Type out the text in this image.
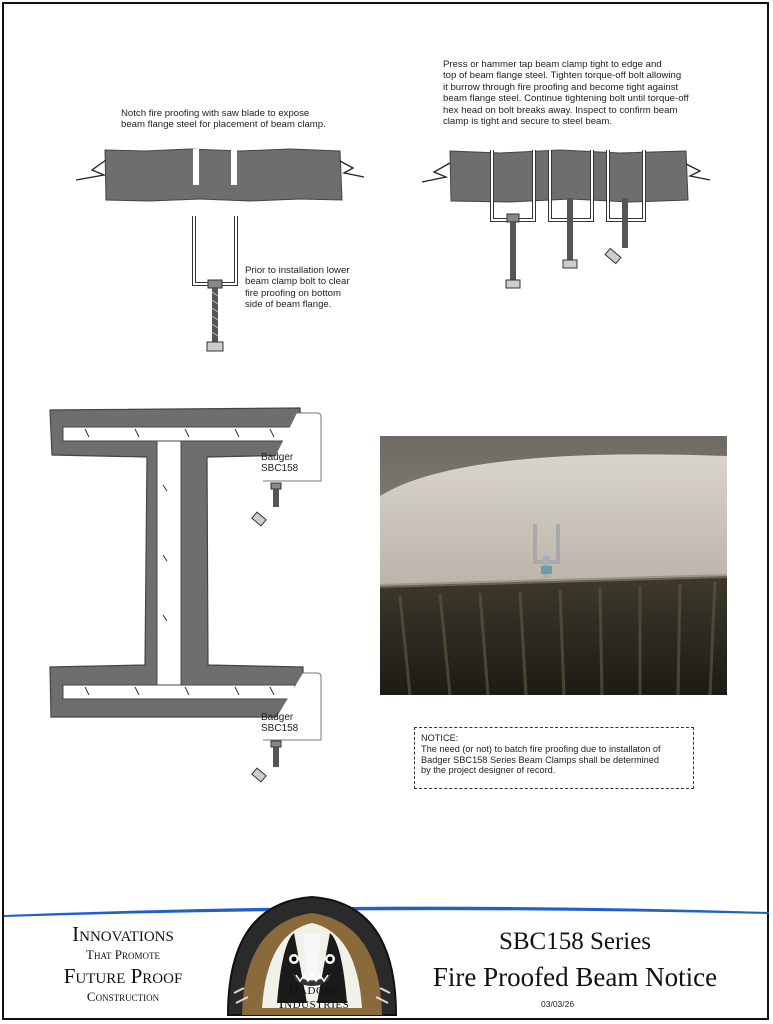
Notch fire proofing with saw blade to expose
beam flange steel for placement of beam clamp.
Prior to installation lower
beam clamp bolt to clear
fire proofing on bottom
side of beam flange.
Press or hammer tap beam clamp tight to edge and
top of beam flange steel. Tighten torque-off bolt allowing
it burrow through fire proofing and become tight against
beam flange steel. Continue tightening bolt until torque-off
hex head on bolt breaks away. Inspect to confirm beam
clamp is tight and secure to steel beam.
Badger
SBC158
Badger
SBC158
NOTICE:
The need (or not) to batch fire proofing due to installaton of
Badger SBC158 Series Beam Clamps shall be determined
by the project designer of record.
Innovations
That Promote
Future Proof
Construction	Badger
Industries
SBC158 Series
Fire Proofed Beam Notice
03/03/26
